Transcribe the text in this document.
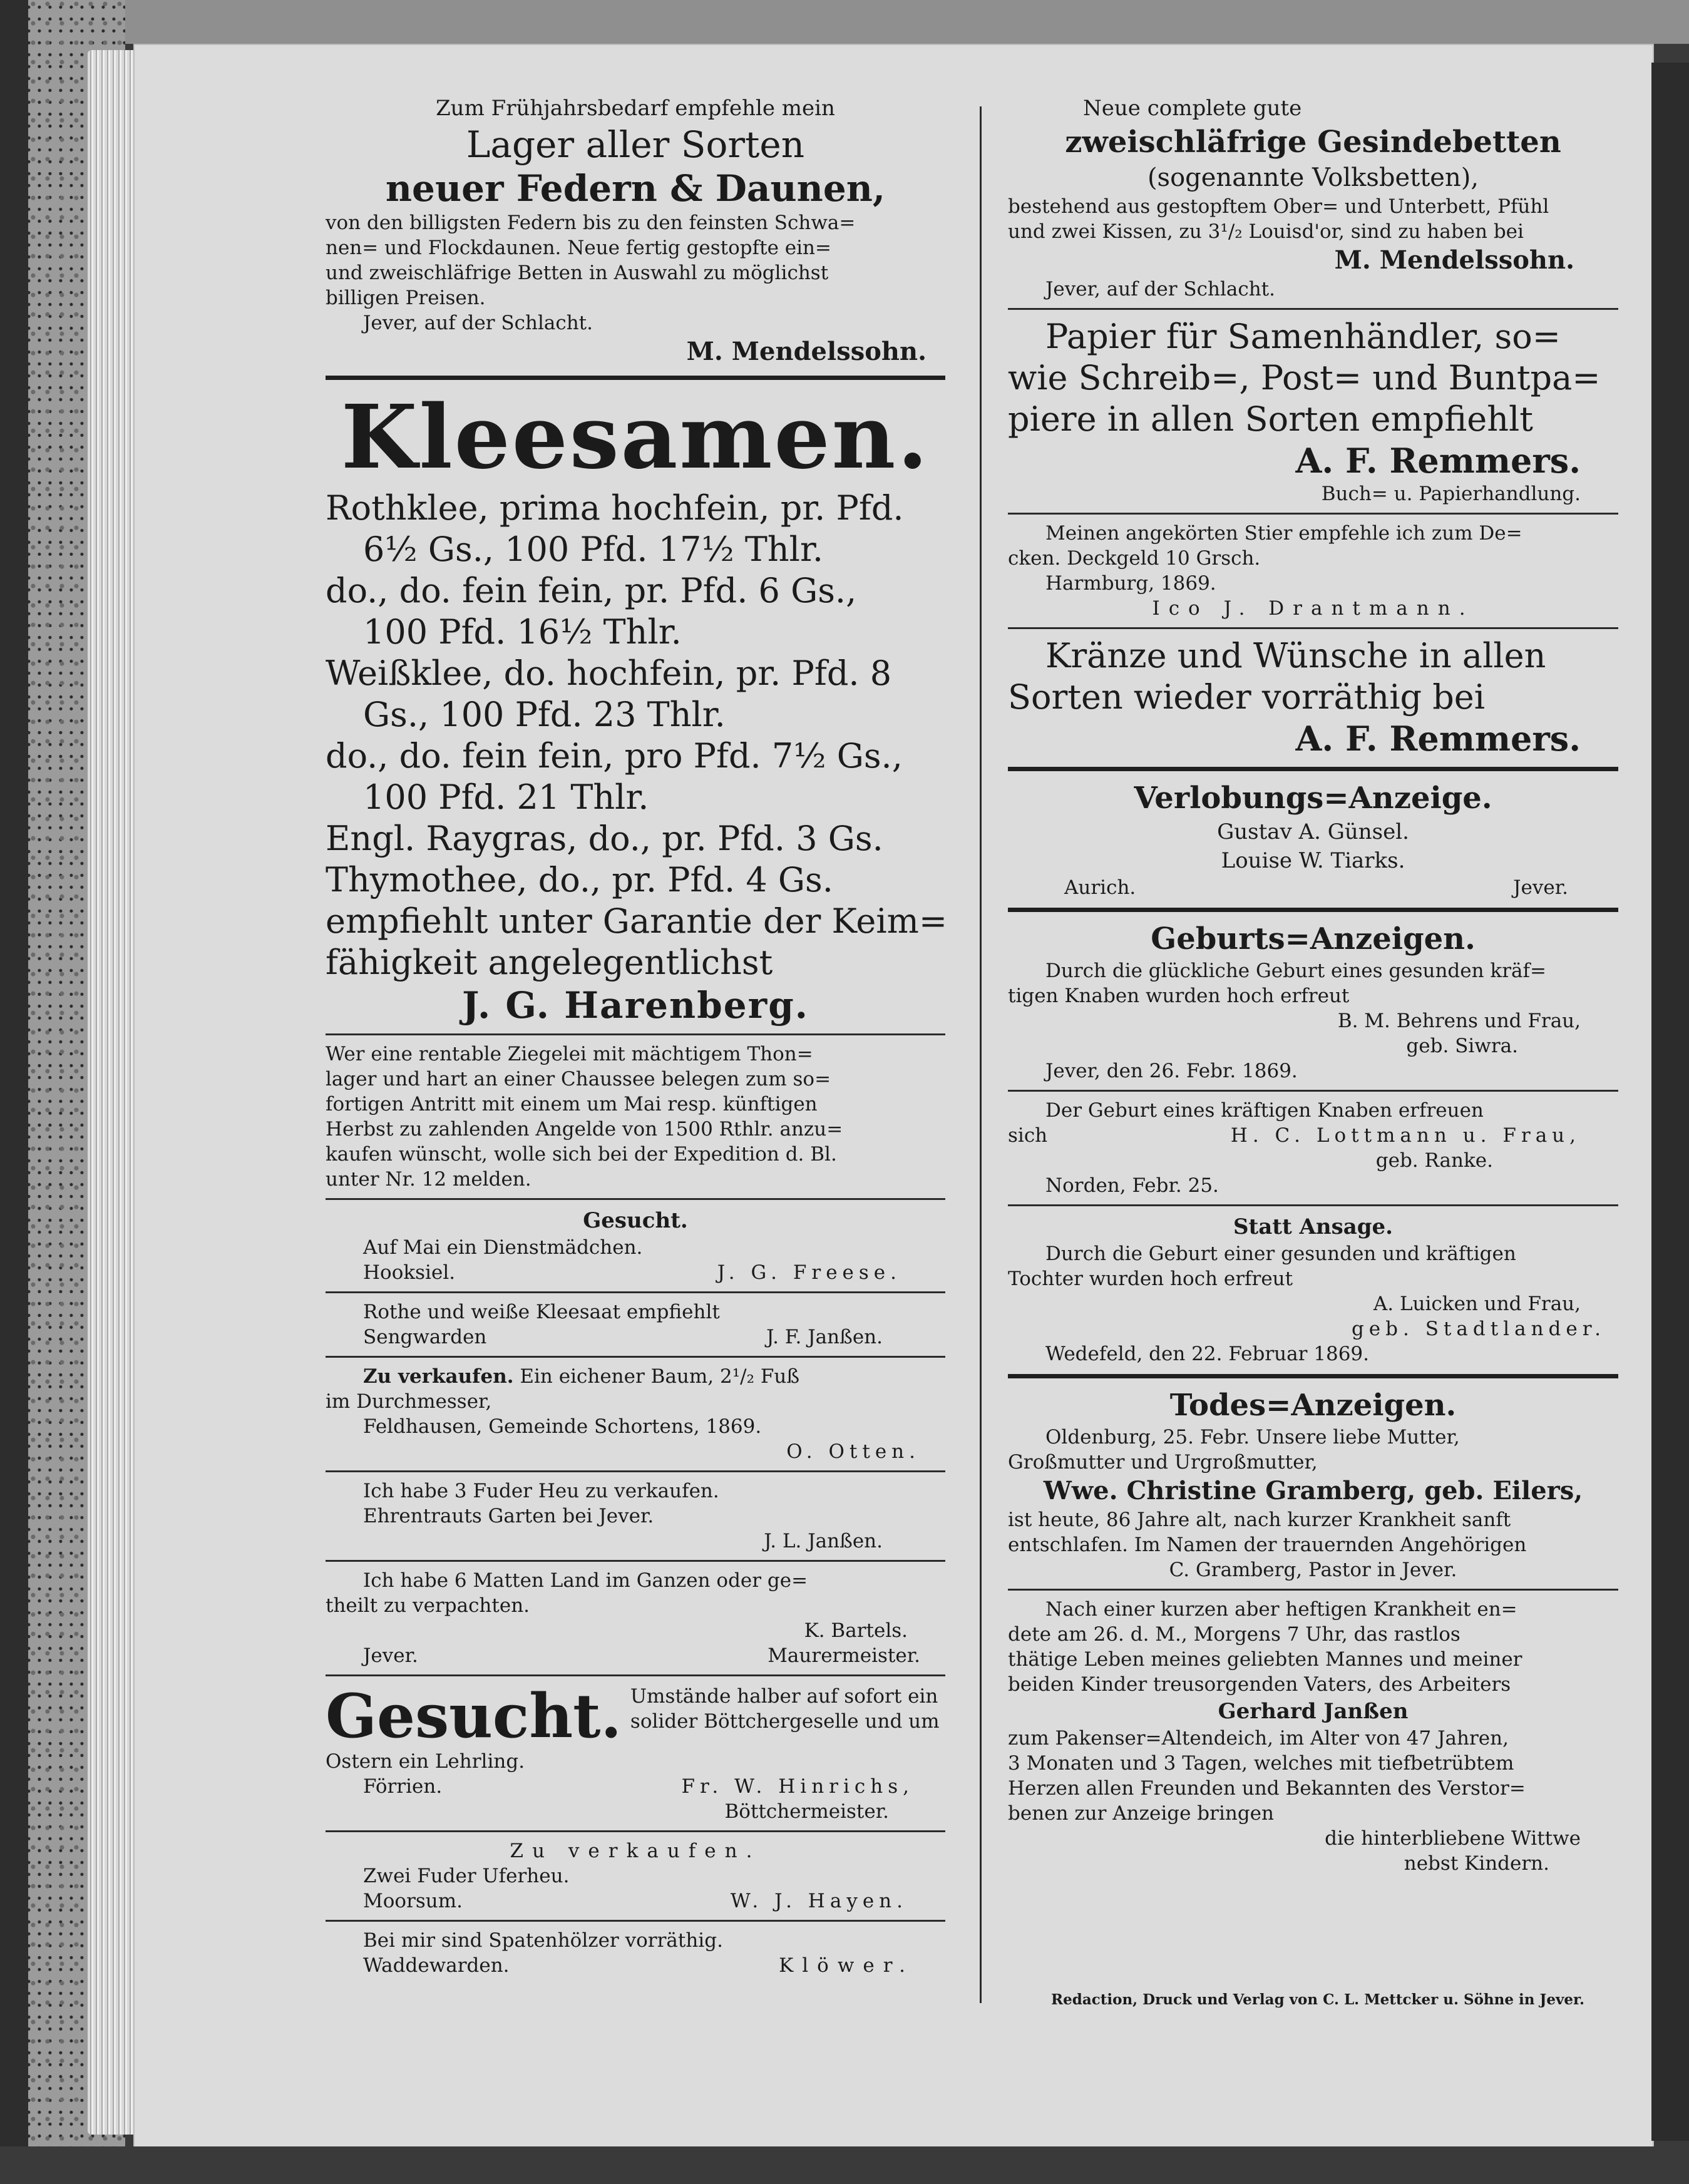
Zum Frühjahrsbedarf empfehle mein
Lager aller Sorten
neuer Federn & Daunen,
von den billigsten Federn bis zu den feinsten Schwa=
nen= und Flockdaunen. Neue fertig gestopfte ein=
und zweischläfrige Betten in Auswahl zu möglichst
billigen Preisen.
Jever, auf der Schlacht.
M. Mendelssohn.
Kleesamen.
Rothklee, prima hochfein, pr. Pfd.
6½ Gs., 100 Pfd. 17½ Thlr.
do., do. fein fein, pr. Pfd. 6 Gs.,
100 Pfd. 16½ Thlr.
Weißklee, do. hochfein, pr. Pfd. 8
Gs., 100 Pfd. 23 Thlr.
do., do. fein fein, pro Pfd. 7½ Gs.,
100 Pfd. 21 Thlr.
Engl. Raygras, do., pr. Pfd. 3 Gs.
Thymothee, do., pr. Pfd. 4 Gs.
empfiehlt unter Garantie der Keim=
fähigkeit angelegentlichst
J. G. Harenberg.
Wer eine rentable Ziegelei mit mächtigem Thon=
lager und hart an einer Chaussee belegen zum so=
fortigen Antritt mit einem um Mai resp. künftigen
Herbst zu zahlenden Angelde von 1500 Rthlr. anzu=
kaufen wünscht, wolle sich bei der Expedition d. Bl.
unter Nr. 12 melden.
Gesucht.
Auf Mai ein Dienstmädchen.
Hooksiel.	J. G. Freese.
Rothe und weiße Kleesaat empfiehlt
Sengwarden	J. F. Janßen.
Zu verkaufen. Ein eichener Baum, 2¹/₂ Fuß
im Durchmesser,
Feldhausen, Gemeinde Schortens, 1869.
O. Otten.
Ich habe 3 Fuder Heu zu verkaufen.
Ehrentrauts Garten bei Jever.
J. L. Janßen.
Ich habe 6 Matten Land im Ganzen oder ge=
theilt zu verpachten.
K. Bartels.
Jever.	Maurermeister.
Gesucht. Umstände halber auf sofort ein
solider Böttchergeselle und um
Ostern ein Lehrling.
Förrien.	Fr. W. Hinrichs,
Böttchermeister.
Zu verkaufen.
Zwei Fuder Uferheu.
Moorsum.	W. J. Hayen.
Bei mir sind Spatenhölzer vorräthig.
Waddewarden.	Klöwer.
Neue complete gute
zweischläfrige Gesindebetten
(sogenannte Volksbetten),
bestehend aus gestopftem Ober= und Unterbett, Pfühl
und zwei Kissen, zu 3¹/₂ Louisd'or, sind zu haben bei
M. Mendelssohn.
Jever, auf der Schlacht.
Papier für Samenhändler, so=
wie Schreib=, Post= und Buntpa=
piere in allen Sorten empfiehlt
A. F. Remmers.
Buch= u. Papierhandlung.
Meinen angekörten Stier empfehle ich zum De=
cken. Deckgeld 10 Grsch.
Harmburg, 1869.
Ico J. Drantmann.
Kränze und Wünsche in allen
Sorten wieder vorräthig bei
A. F. Remmers.
Verlobungs=Anzeige.
Gustav A. Günsel.
Louise W. Tiarks.
Aurich.	Jever.
Geburts=Anzeigen.
Durch die glückliche Geburt eines gesunden kräf=
tigen Knaben wurden hoch erfreut
B. M. Behrens und Frau,
geb. Siwra.
Jever, den 26. Febr. 1869.
Der Geburt eines kräftigen Knaben erfreuen
sich	H. C. Lottmann u. Frau,
geb. Ranke.
Norden, Febr. 25.
Statt Ansage.
Durch die Geburt einer gesunden und kräftigen
Tochter wurden hoch erfreut
A. Luicken und Frau,
geb. Stadtlander.
Wedefeld, den 22. Februar 1869.
Todes=Anzeigen.
Oldenburg, 25. Febr. Unsere liebe Mutter,
Großmutter und Urgroßmutter,
Wwe. Christine Gramberg, geb. Eilers,
ist heute, 86 Jahre alt, nach kurzer Krankheit sanft
entschlafen. Im Namen der trauernden Angehörigen
C. Gramberg, Pastor in Jever.
Nach einer kurzen aber heftigen Krankheit en=
dete am 26. d. M., Morgens 7 Uhr, das rastlos
thätige Leben meines geliebten Mannes und meiner
beiden Kinder treusorgenden Vaters, des Arbeiters
Gerhard Janßen
zum Pakenser=Altendeich, im Alter von 47 Jahren,
3 Monaten und 3 Tagen, welches mit tiefbetrübtem
Herzen allen Freunden und Bekannten des Verstor=
benen zur Anzeige bringen
die hinterbliebene Wittwe
nebst Kindern.
Redaction, Druck und Verlag von C. L. Mettcker u. Söhne in Jever.
